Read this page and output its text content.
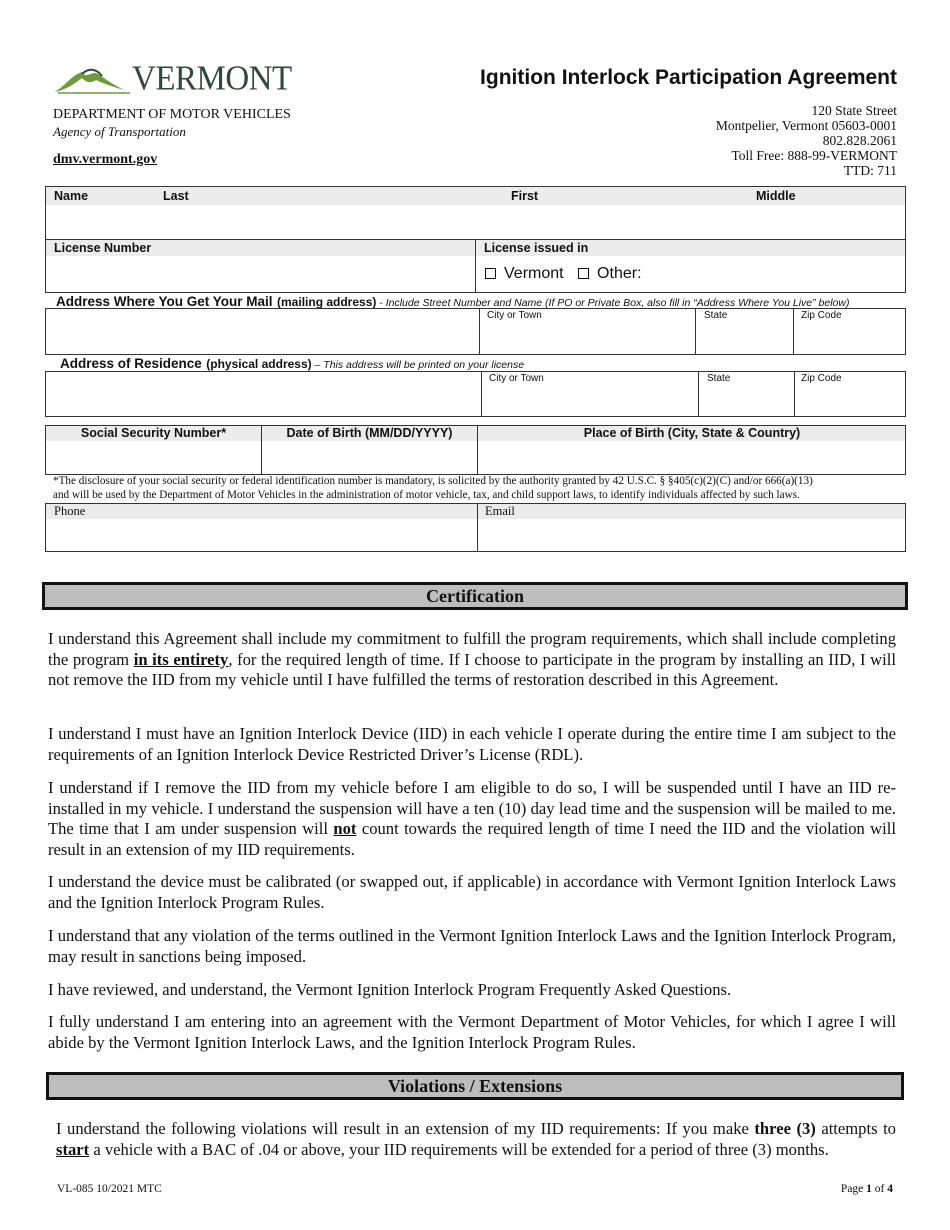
VERMONT
DEPARTMENT OF MOTOR VEHICLES
Agency of Transportation
dmv.vermont.gov
Ignition Interlock Participation Agreement
120 State Street
Montpelier, Vermont 05603-0001
802.828.2061
Toll Free: 888-99-VERMONT
TTD: 711
Name	Last	First	Middle
License Number	License issued in
Vermont Other:
Address Where You Get Your Mail (mailing address) - Include Street Number and Name (If PO or Private Box, also fill in “Address Where You Live” below)
City or Town	State	Zip Code
Address of Residence (physical address) – This address will be printed on your license
City or Town	State	Zip Code
Social Security Number*	Date of Birth (MM/DD/YYYY)	Place of Birth (City, State & Country)
*The disclosure of your social security or federal identification number is mandatory, is solicited by the authority granted by 42 U.S.C. § §405(c)(2)(C) and/or 666(a)(13)
and will be used by the Department of Motor Vehicles in the administration of motor vehicle, tax, and child support laws, to identify individuals affected by such laws.
Phone	Email
Certification
I understand this Agreement shall include my commitment to fulfill the program requirements, which shall include completing the program in its entirety, for the required length of time. If I choose to participate in the program by installing an IID, I will not remove the IID from my vehicle until I have fulfilled the terms of restoration described in this Agreement.
I understand I must have an Ignition Interlock Device (IID) in each vehicle I operate during the entire time I am subject to the requirements of an Ignition Interlock Device Restricted Driver’s License (RDL).
I understand if I remove the IID from my vehicle before I am eligible to do so, I will be suspended until I have an IID re-installed in my vehicle. I understand the suspension will have a ten (10) day lead time and the suspension will be mailed to me. The time that I am under suspension will not count towards the required length of time I need the IID and the violation will result in an extension of my IID requirements.
I understand the device must be calibrated (or swapped out, if applicable) in accordance with Vermont Ignition Interlock Laws and the Ignition Interlock Program Rules.
I understand that any violation of the terms outlined in the Vermont Ignition Interlock Laws and the Ignition Interlock Program, may result in sanctions being imposed.
I have reviewed, and understand, the Vermont Ignition Interlock Program Frequently Asked Questions.
I fully understand I am entering into an agreement with the Vermont Department of Motor Vehicles, for which I agree I will abide by the Vermont Ignition Interlock Laws, and the Ignition Interlock Program Rules.
Violations / Extensions
I understand the following violations will result in an extension of my IID requirements: If you make three (3) attempts to start a vehicle with a BAC of .04 or above, your IID requirements will be extended for a period of three (3) months.
VL-085 10/2021 MTC	Page 1 of 4
